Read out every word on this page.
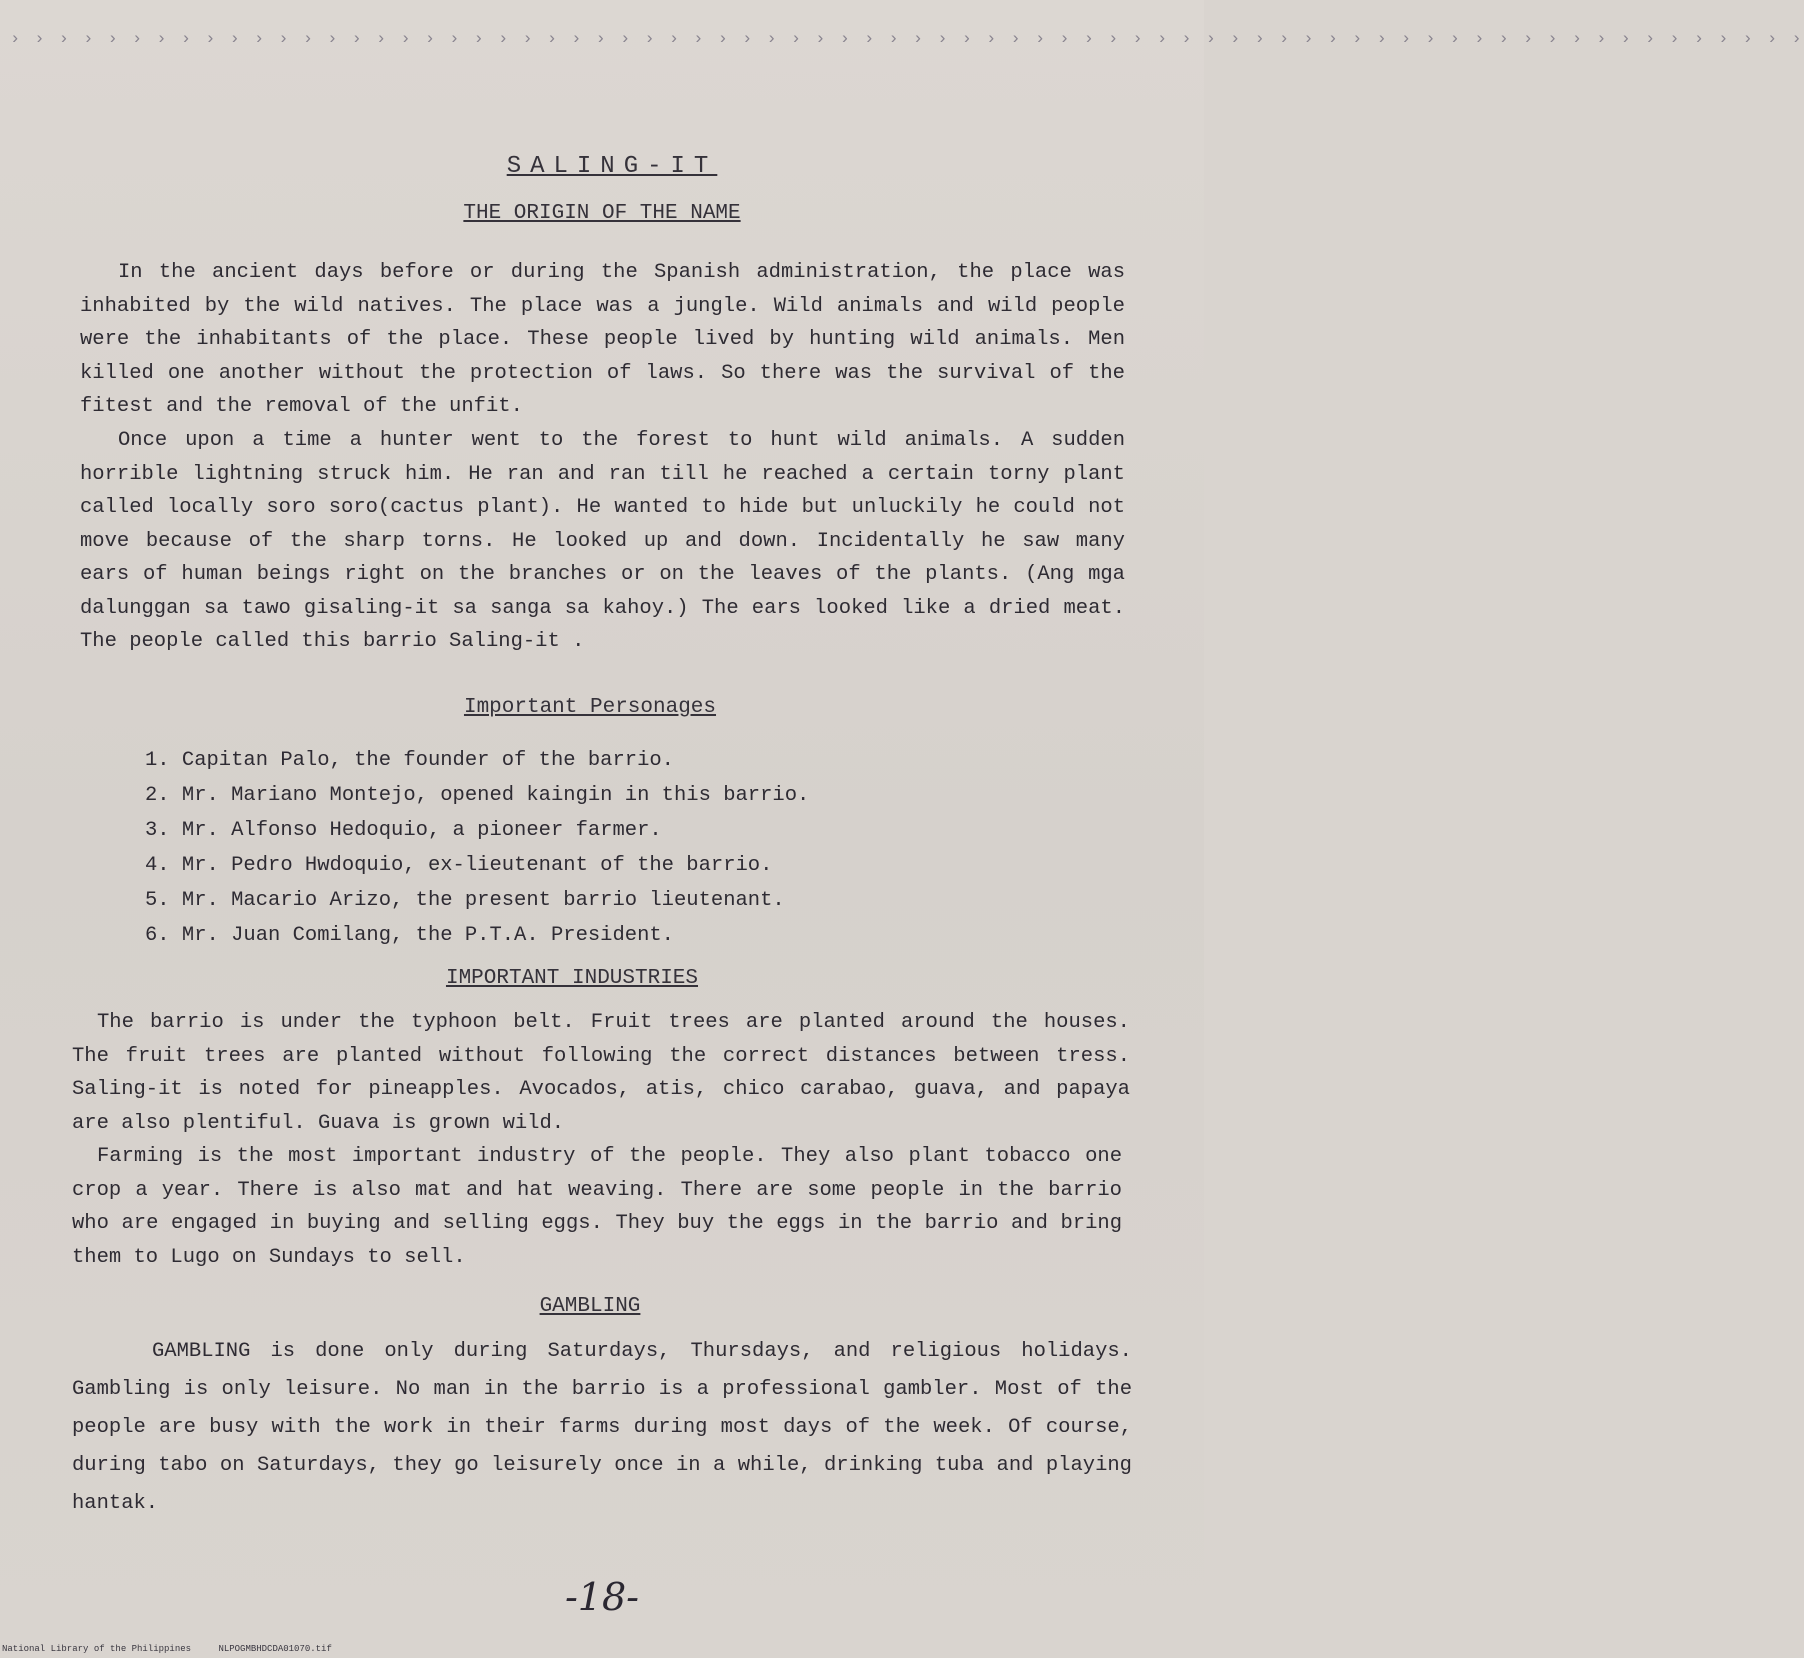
› › › › › › › › › › › › › › › › › › › › › › › › › › › › › › › › › › › › › › › › › › › › › › › › › › › › › › › › › › › › › › › › › › › › › › › › › ›
SALING-IT
THE ORIGIN OF THE NAME
In the ancient days before or during the Spanish administration, the place was inhabited by the wild natives. The place was a jungle. Wild animals and wild people were the inhabitants of the place. These people lived by hunting wild animals. Men killed one another without the protection of laws. So there was the survival of the fitest and the removal of the unfit.
Once upon a time a hunter went to the forest to hunt wild animals. A sudden horrible lightning struck him. He ran and ran till he reached a certain torny plant called locally soro soro(cactus plant). He wanted to hide but unluckily he could not move because of the sharp torns. He looked up and down. Incidentally he saw many ears of human beings right on the branches or on the leaves of the plants. (Ang mga dalunggan sa tawo gisaling-it sa sanga sa kahoy.) The ears looked like a dried meat. The people called this barrio Saling-it .
Important Personages
1. Capitan Palo, the founder of the barrio.
2. Mr. Mariano Montejo, opened kaingin in this barrio.
3. Mr. Alfonso Hedoquio, a pioneer farmer.
4. Mr. Pedro Hwdoquio, ex-lieutenant of the barrio.
5. Mr. Macario Arizo, the present barrio lieutenant.
6. Mr. Juan Comilang, the P.T.A. President.
IMPORTANT INDUSTRIES
The barrio is under the typhoon belt. Fruit trees are planted around the houses. The fruit trees are planted without following the correct distances between tress. Saling-it is noted for pineapples. Avocados, atis, chico carabao, guava, and papaya are also plentiful. Guava is grown wild.
Farming is the most important industry of the people. They also plant tobacco one crop a year. There is also mat and hat weaving. There are some people in the barrio who are engaged in buying and selling eggs. They buy the eggs in the barrio and bring them to Lugo on Sundays to sell.
GAMBLING
GAMBLING is done only during Saturdays, Thursdays, and religious holidays. Gambling is only leisure. No man in the barrio is a professional gambler. Most of the people are busy with the work in their farms during most days of the week. Of course, during tabo on Saturdays, they go leisurely once in a while, drinking tuba and playing hantak.
-18-
National Library of the Philippines	NLPOGMBHDCDA01070.tif
